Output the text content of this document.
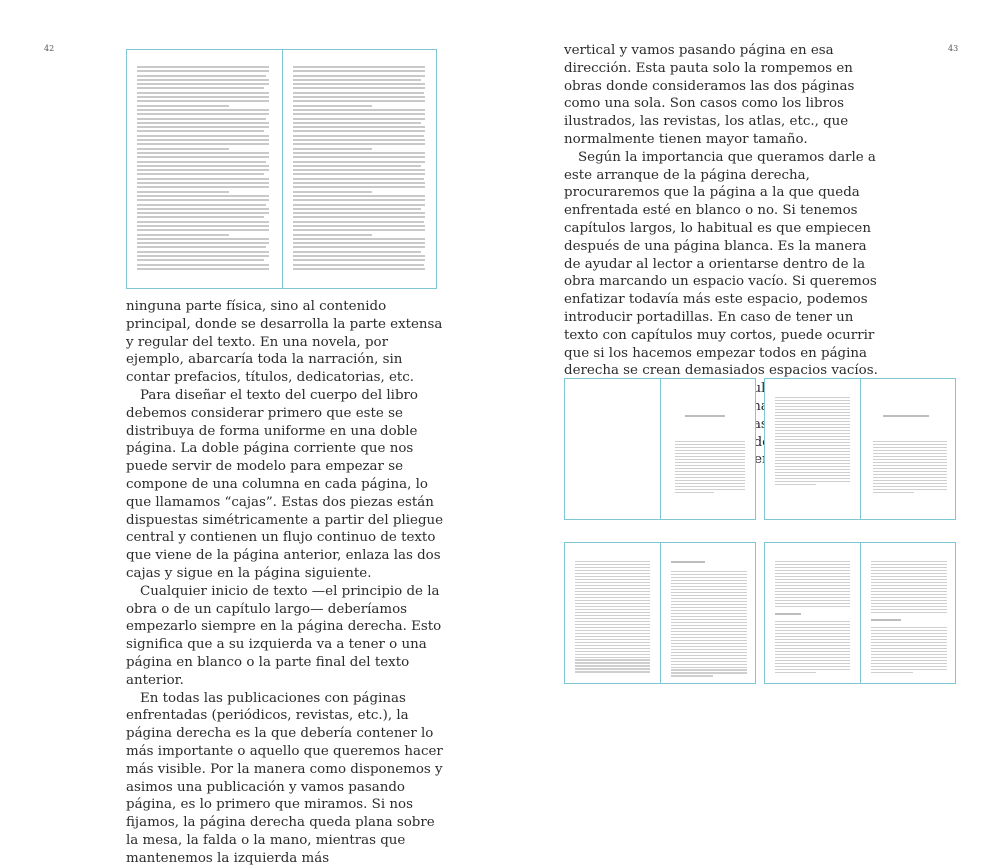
42	43

ninguna parte física, sino al contenido principal, donde se desarrolla la parte extensa y regular del texto. En una novela, por ejemplo, abarcaría toda la narración, sin contar prefacios, títulos, dedicatorias, etc.

Para diseñar el texto del cuerpo del libro debemos considerar primero que este se distribuya de forma uniforme en una doble página. La doble página corriente que nos puede servir de modelo para empezar se compone de una columna en cada página, lo que llamamos “cajas”. Estas dos piezas están dispuestas simétricamente a partir del pliegue central y contienen un flujo continuo de texto que viene de la página anterior, enlaza las dos cajas y sigue en la página siguiente.

Cualquier inicio de texto —el principio de la obra o de un capítulo largo— deberíamos empezarlo siempre en la página derecha. Esto significa que a su izquierda va a tener o una página en blanco o la parte final del texto anterior.

En todas las publicaciones con páginas enfrentadas (periódicos, revistas, etc.), la página derecha es la que debería contener lo más importante o aquello que queremos hacer más visible. Por la manera como disponemos y asimos una publicación y vamos pasando página, es lo primero que miramos. Si nos fijamos, la página derecha queda plana sobre la mesa, la falda o la mano, mientras que mantenemos la izquierda más

vertical y vamos pasando página en esa dirección. Esta pauta solo la rompemos en obras donde consideramos las dos páginas como una sola. Son casos como los libros ilustrados, las revistas, los atlas, etc., que normalmente tienen mayor tamaño.

Según la importancia que queramos darle a este arranque de la página derecha, procuraremos que la página a la que queda enfrentada esté en blanco o no. Si tenemos capítulos largos, lo habitual es que empiecen después de una página blanca. Es la manera de ayudar al lector a orientarse dentro de la obra marcando un espacio vacío. Si queremos enfatizar todavía más este espacio, podemos introducir portadillas. En caso de tener un texto con capítulos muy cortos, puede ocurrir que si los hacemos empezar todos en página derecha se crean demasiados espacios vacíos. caso de
